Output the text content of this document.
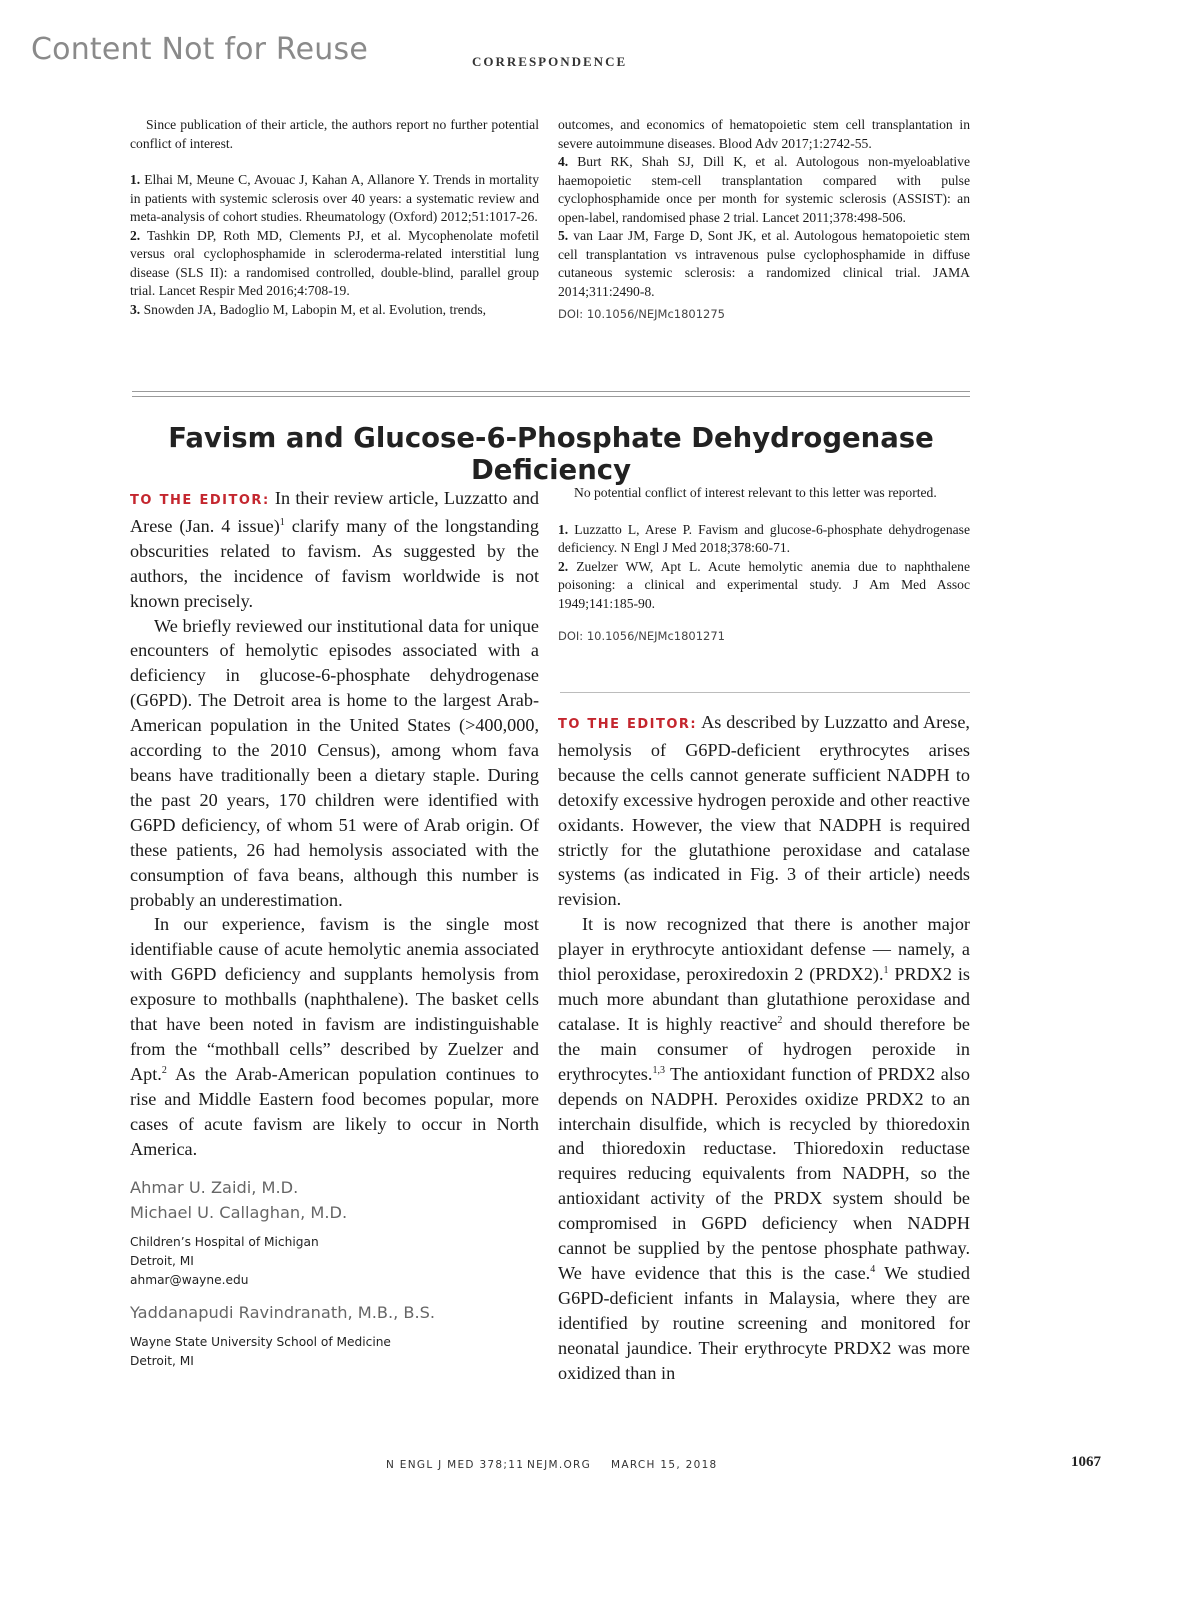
Content Not for Reuse	CORRESPONDENCE

Since publication of their article, the authors report no further potential conflict of interest.

1. Elhai M, Meune C, Avouac J, Kahan A, Allanore Y. Trends in mortality in patients with systemic sclerosis over 40 years: a systematic review and meta-analysis of cohort studies. Rheumatology (Oxford) 2012;51:1017-26.

2. Tashkin DP, Roth MD, Clements PJ, et al. Mycophenolate mofetil versus oral cyclophosphamide in scleroderma-related interstitial lung disease (SLS II): a randomised controlled, double-blind, parallel group trial. Lancet Respir Med 2016;4:708-19.

3. Snowden JA, Badoglio M, Labopin M, et al. Evolution, trends,

outcomes, and economics of hematopoietic stem cell transplantation in severe autoimmune diseases. Blood Adv 2017;1:2742-55.

4. Burt RK, Shah SJ, Dill K, et al. Autologous non-myeloablative haemopoietic stem-cell transplantation compared with pulse cyclophosphamide once per month for systemic sclerosis (ASSIST): an open-label, randomised phase 2 trial. Lancet 2011;378:498-506.

5. van Laar JM, Farge D, Sont JK, et al. Autologous hematopoietic stem cell transplantation vs intravenous pulse cyclophosphamide in diffuse cutaneous systemic sclerosis: a randomized clinical trial. JAMA 2014;311:2490-8.

DOI: 10.1056/NEJMc1801275

Favism and Glucose-6-Phosphate Dehydrogenase Deficiency

TO THE EDITOR: In their review article, Luzzatto and Arese (Jan. 4 issue)$^1$ clarify many of the longstanding obscurities related to favism. As suggested by the authors, the incidence of favism worldwide is not known precisely.

We briefly reviewed our institutional data for unique encounters of hemolytic episodes associated with a deficiency in glucose-6-phosphate dehydrogenase (G6PD). The Detroit area is home to the largest Arab-American population in the United States (>400,000, according to the 2010 Census), among whom fava beans have traditionally been a dietary staple. During the past 20 years, 170 children were identified with G6PD deficiency, of whom 51 were of Arab origin. Of these patients, 26 had hemolysis associated with the consumption of fava beans, although this number is probably an underestimation.

In our experience, favism is the single most identifiable cause of acute hemolytic anemia associated with G6PD deficiency and supplants hemolysis from exposure to mothballs (naphthalene). The basket cells that have been noted in favism are indistinguishable from the “mothball cells” described by Zuelzer and Apt.$^2$ As the Arab-American population continues to rise and Middle Eastern food becomes popular, more cases of acute favism are likely to occur in North America.

Ahmar U. Zaidi, M.D.
Michael U. Callaghan, M.D.
Children’s Hospital of Michigan
Detroit, MI
ahmar@wayne.edu
Yaddanapudi Ravindranath, M.B., B.S.
Wayne State University School of Medicine
Detroit, MI

No potential conflict of interest relevant to this letter was reported.

1. Luzzatto L, Arese P. Favism and glucose-6-phosphate dehydrogenase deficiency. N Engl J Med 2018;378:60-71.

2. Zuelzer WW, Apt L. Acute hemolytic anemia due to naphthalene poisoning: a clinical and experimental study. J Am Med Assoc 1949;141:185-90.

DOI: 10.1056/NEJMc1801271

TO THE EDITOR: As described by Luzzatto and Arese, hemolysis of G6PD-deficient erythrocytes arises because the cells cannot generate sufficient NADPH to detoxify excessive hydrogen peroxide and other reactive oxidants. However, the view that NADPH is required strictly for the glutathione peroxidase and catalase systems (as indicated in Fig. 3 of their article) needs revision.

It is now recognized that there is another major player in erythrocyte antioxidant defense — namely, a thiol peroxidase, peroxiredoxin 2 (PRDX2).$^1$ PRDX2 is much more abundant than glutathione peroxidase and catalase. It is highly reactive$^2$ and should therefore be the main consumer of hydrogen peroxide in erythrocytes.$^{1,3}$ The antioxidant function of PRDX2 also depends on NADPH. Peroxides oxidize PRDX2 to an interchain disulfide, which is recycled by thioredoxin and thioredoxin reductase. Thioredoxin reductase requires reducing equivalents from NADPH, so the antioxidant activity of the PRDX system should be compromised in G6PD deficiency when NADPH cannot be supplied by the pentose phosphate pathway. We have evidence that this is the case.$^4$ We studied G6PD-deficient infants in Malaysia, where they are identified by routine screening and monitored for neonatal jaundice. Their erythrocyte PRDX2 was more oxidized than in

N ENGL J MED 378;11 NEJM.ORG MARCH 15, 2018	1067
